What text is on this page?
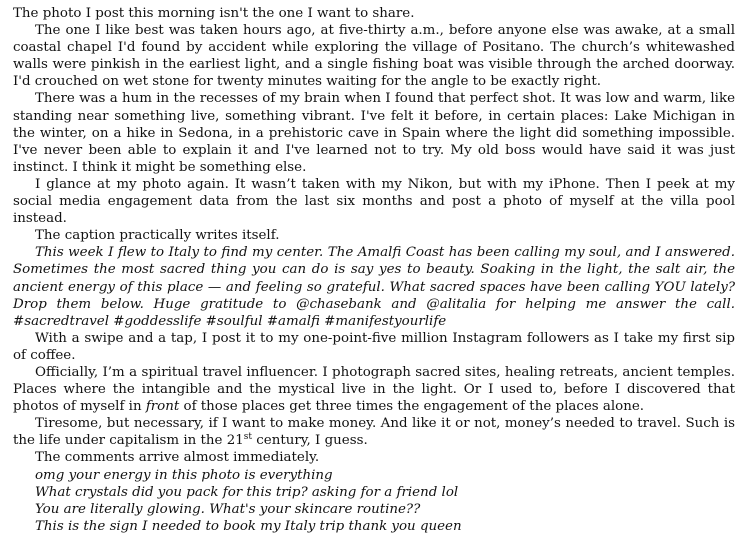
The photo I post this morning isn't the one I want to share.

The one I like best was taken hours ago, at five-thirty a.m., before anyone else was awake, at a small coastal chapel I'd found by accident while exploring the village of Positano. The church’s whitewashed walls were pinkish in the earliest light, and a single fishing boat was visible through the arched doorway. I'd crouched on wet stone for twenty minutes waiting for the angle to be exactly right.

There was a hum in the recesses of my brain when I found that perfect shot. It was low and warm, like standing near something live, something vibrant. I've felt it before, in certain places: Lake Michigan in the winter, on a hike in Sedona, in a prehistoric cave in Spain where the light did something impossible. I've never been able to explain it and I've learned not to try. My old boss would have said it was just instinct. I think it might be something else.

I glance at my photo again. It wasn’t taken with my Nikon, but with my iPhone. Then I peek at my social media engagement data from the last six months and post a photo of myself at the villa pool instead.

The caption practically writes itself.

This week I flew to Italy to find my center. The Amalfi Coast has been calling my soul, and I answered. Sometimes the most sacred thing you can do is say yes to beauty. Soaking in the light, the salt air, the ancient energy of this place — and feeling so grateful. What sacred spaces have been calling YOU lately? Drop them below. Huge gratitude to @chasebank and @alitalia for helping me answer the call. #sacredtravel #goddesslife #soulful #amalfi #manifestyourlife

With a swipe and a tap, I post it to my one-point-five million Instagram followers as I take my first sip of coffee.

Officially, I’m a spiritual travel influencer. I photograph sacred sites, healing retreats, ancient temples. Places where the intangible and the mystical live in the light. Or I used to, before I discovered that photos of myself in front of those places get three times the engagement of the places alone.

Tiresome, but necessary, if I want to make money. And like it or not, money’s needed to travel. Such is the life under capitalism in the 21st century, I guess.

The comments arrive almost immediately.

omg your energy in this photo is everything

What crystals did you pack for this trip? asking for a friend lol

You are literally glowing. What's your skincare routine??

This is the sign I needed to book my Italy trip thank you queen
